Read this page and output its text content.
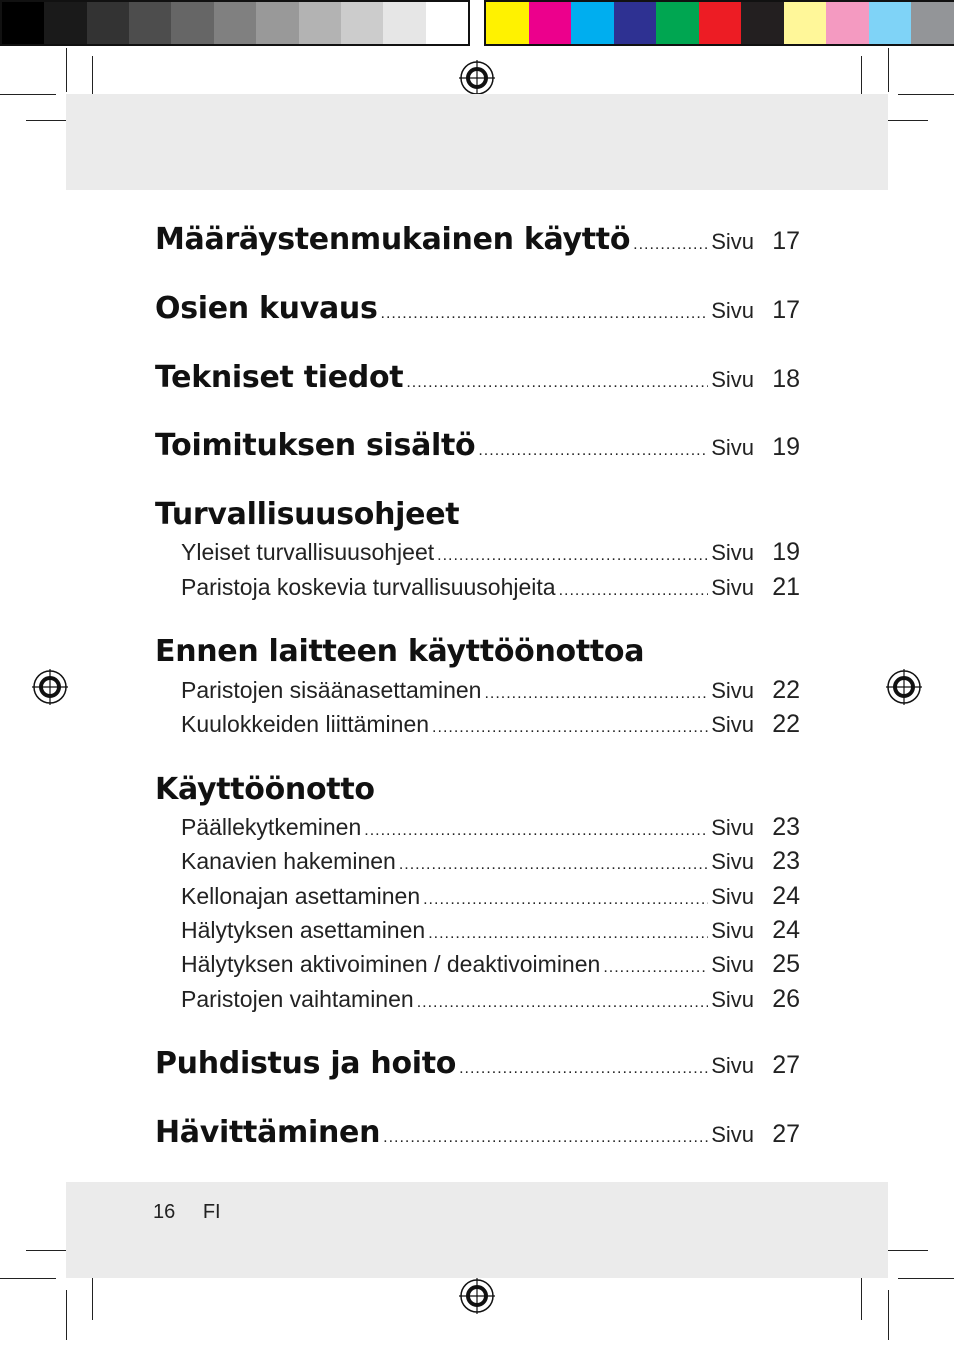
Määräystenmukainen käyttö .....	Sivu 17
Osien kuvaus .....	Sivu 17
Tekniset tiedot .....	Sivu 18
Toimituksen sisältö .....	Sivu 19
Turvallisuusohjeet
Yleiset turvallisuusohjeet .....	Sivu 19
Paristoja koskevia turvallisuusohjeita .....	Sivu 21
Ennen laitteen käyttöönottoa
Paristojen sisäänasettaminen .....	Sivu 22
Kuulokkeiden liittäminen .....	Sivu 22
Käyttöönotto
Päällekytkeminen .....	Sivu 23
Kanavien hakeminen .....	Sivu 23
Kellonajan asettaminen .....	Sivu 24
Hälytyksen asettaminen .....	Sivu 24
Hälytyksen aktivoiminen / deaktivoiminen .....	Sivu 25
Paristojen vaihtaminen .....	Sivu 26
Puhdistus ja hoito .....	Sivu 27
Hävittäminen .....	Sivu 27
16 FI
